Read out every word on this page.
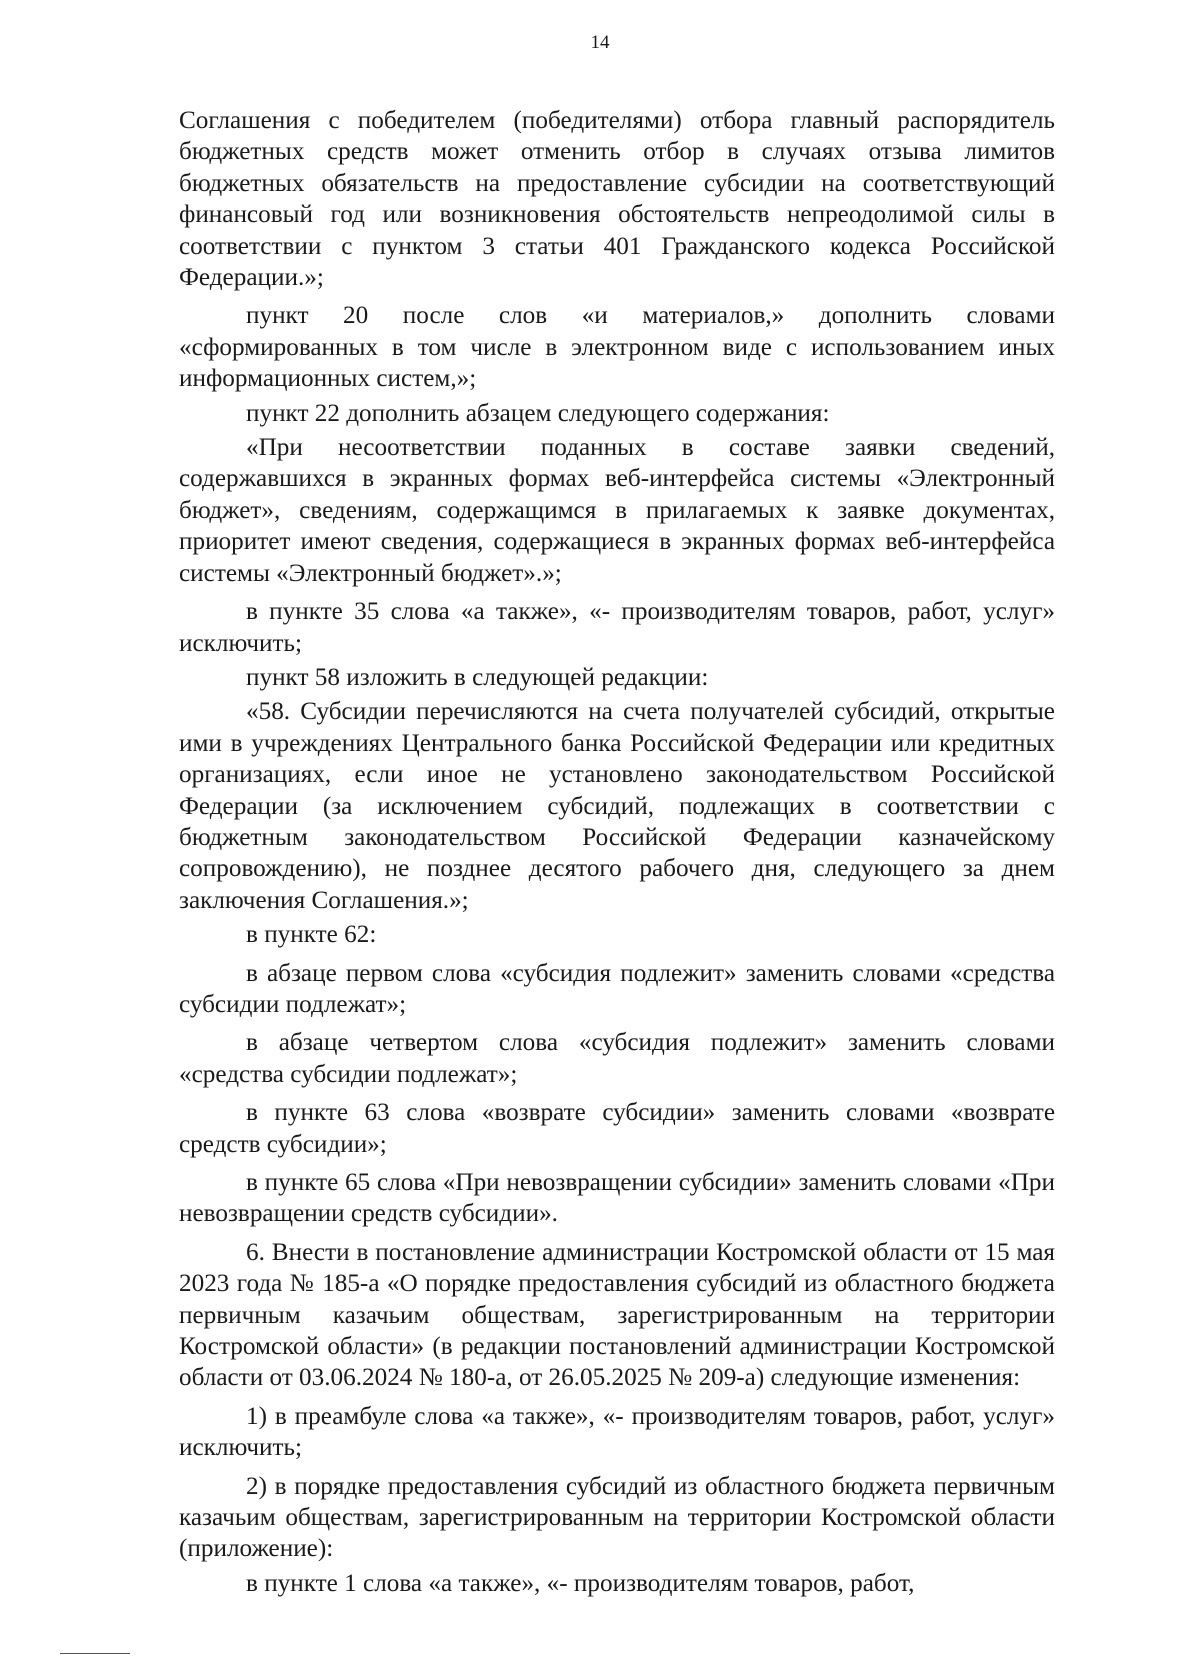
14

Соглашения с победителем (победителями) отбора главный распорядитель бюджетных средств может отменить отбор в случаях отзыва лимитов бюджетных обязательств на предоставление субсидии на соответствующий финансовый год или возникновения обстоятельств непреодолимой силы в соответствии с пунктом 3 статьи 401 Гражданского кодекса Российской Федерации.»;

пункт 20 после слов «и материалов,» дополнить словами «сформированных в том числе в электронном виде с использованием иных информационных систем,»;

пункт 22 дополнить абзацем следующего содержания:

«При несоответствии поданных в составе заявки сведений, содержавшихся в экранных формах веб-интерфейса системы «Электронный бюджет», сведениям, содержащимся в прилагаемых к заявке документах, приоритет имеют сведения, содержащиеся в экранных формах веб-интерфейса системы «Электронный бюджет».»;

в пункте 35 слова «а также», «- производителям товаров, работ, услуг» исключить;

пункт 58 изложить в следующей редакции:

«58. Субсидии перечисляются на счета получателей субсидий, открытые ими в учреждениях Центрального банка Российской Федерации или кредитных организациях, если иное не установлено законодательством Российской Федерации (за исключением субсидий, подлежащих в соответствии с бюджетным законодательством Российской Федерации казначейскому сопровождению), не позднее десятого рабочего дня, следующего за днем заключения Соглашения.»;

в пункте 62:

в абзаце первом слова «субсидия подлежит» заменить словами «средства субсидии подлежат»;

в абзаце четвертом слова «субсидия подлежит» заменить словами «средства субсидии подлежат»;

в пункте 63 слова «возврате субсидии» заменить словами «возврате средств субсидии»;

в пункте 65 слова «При невозвращении субсидии» заменить словами «При невозвращении средств субсидии».

6. Внести в постановление администрации Костромской области от 15 мая 2023 года № 185-а «О порядке предоставления субсидий из областного бюджета первичным казачьим обществам, зарегистрированным на территории Костромской области» (в редакции постановлений администрации Костромской области от 03.06.2024 № 180-а, от 26.05.2025 № 209-а) следующие изменения:

1) в преамбуле слова «а также», «- производителям товаров, работ, услуг» исключить;

2) в порядке предоставления субсидий из областного бюджета первичным казачьим обществам, зарегистрированным на территории Костромской области (приложение):

в пункте 1 слова «а также», «- производителям товаров, работ,
